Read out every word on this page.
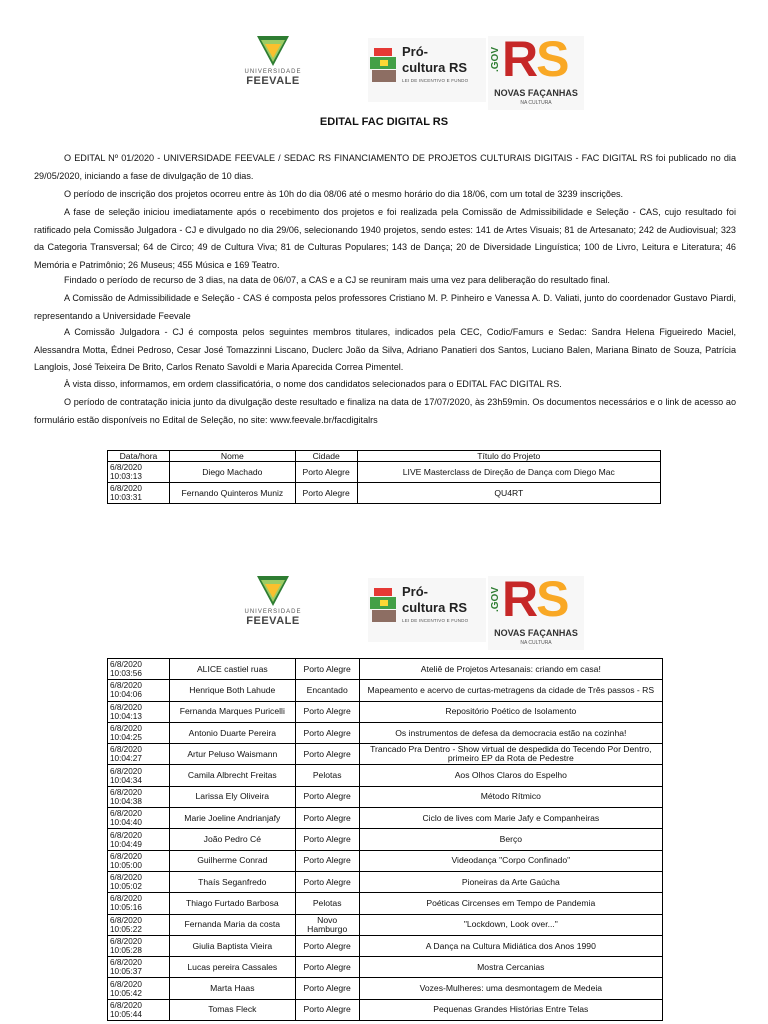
UNIVERSIDADE
FEEVALE
Pró-
cultura RS
LEI DE INCENTIVO E FUNDO
.GOV RS
NOVAS FAÇANHAS
NA CULTURA
EDITAL FAC DIGITAL RS

O EDITAL Nº 01/2020 - UNIVERSIDADE FEEVALE / SEDAC RS FINANCIAMENTO DE PROJETOS CULTURAIS DIGITAIS - FAC DIGITAL RS foi publicado no dia 29/05/2020, iniciando a fase de divulgação de 10 dias.

O período de inscrição dos projetos ocorreu entre às 10h do dia 08/06 até o mesmo horário do dia 18/06, com um total de 3239 inscrições.

A fase de seleção iniciou imediatamente após o recebimento dos projetos e foi realizada pela Comissão de Admissibilidade e Seleção - CAS, cujo resultado foi ratificado pela Comissão Julgadora - CJ e divulgado no dia 29/06, selecionando 1940 projetos, sendo estes: 141 de Artes Visuais; 81 de Artesanato; 242 de Audiovisual; 323 da Categoria Transversal; 64 de Circo; 49 de Cultura Viva; 81 de Culturas Populares; 143 de Dança; 20 de Diversidade Linguística; 100 de Livro, Leitura e Literatura; 46 Memória e Patrimônio; 26 Museus; 455 Música e 169 Teatro.

Findado o período de recurso de 3 dias, na data de 06/07, a CAS e a CJ se reuniram mais uma vez para deliberação do resultado final.

A Comissão de Admissibilidade e Seleção - CAS é composta pelos professores Cristiano M. P. Pinheiro e Vanessa A. D. Valiati, junto do coordenador Gustavo Piardi, representando a Universidade Feevale

A Comissão Julgadora - CJ é composta pelos seguintes membros titulares, indicados pela CEC, Codic/Famurs e Sedac: Sandra Helena Figueiredo Maciel, Alessandra Motta, Édnei Pedroso, Cesar José Tomazzinni Liscano, Duclerc João da Silva, Adriano Panatieri dos Santos, Luciano Balen, Mariana Binato de Souza, Patrícia Langlois, José Teixeira De Brito, Carlos Renato Savoldi e Maria Aparecida Correa Pimentel.

À vista disso, informamos, em ordem classificatória, o nome dos candidatos selecionados para o EDITAL FAC DIGITAL RS.

O período de contratação inicia junto da divulgação deste resultado e finaliza na data de 17/07/2020, às 23h59min. Os documentos necessários e o link de acesso ao formulário estão disponíveis no Edital de Seleção, no site: www.feevale.br/facdigitalrs

Data/hora	Nome	Cidade	Título do Projeto
6/8/2020 10:03:13	Diego Machado	Porto Alegre	LIVE Masterclass de Direção de Dança com Diego Mac
6/8/2020 10:03:31	Fernando Quinteros Muniz	Porto Alegre	QU4RT
UNIVERSIDADE
FEEVALE
Pró-
cultura RS
LEI DE INCENTIVO E FUNDO
.GOV RS
NOVAS FAÇANHAS
NA CULTURA
6/8/2020 10:03:56	ALICE castiel ruas	Porto Alegre	Ateliê de Projetos Artesanais: criando em casa!
6/8/2020 10:04:06	Henrique Both Lahude	Encantado	Mapeamento e acervo de curtas-metragens da cidade de Três passos - RS
6/8/2020 10:04:13	Fernanda Marques Puricelli	Porto Alegre	Repositório Poético de Isolamento
6/8/2020 10:04:25	Antonio Duarte Pereira	Porto Alegre	Os instrumentos de defesa da democracia estão na cozinha!
6/8/2020 10:04:27	Artur Peluso Waismann	Porto Alegre	Trancado Pra Dentro - Show virtual de despedida do Tecendo Por Dentro, primeiro EP da Rota de Pedestre
6/8/2020 10:04:34	Camila Albrecht Freitas	Pelotas	Aos Olhos Claros do Espelho
6/8/2020 10:04:38	Larissa Ely Oliveira	Porto Alegre	Método Rítmico
6/8/2020 10:04:40	Marie Joeline Andrianjafy	Porto Alegre	Ciclo de lives com Marie Jafy e Companheiras
6/8/2020 10:04:49	João Pedro Cé	Porto Alegre	Berço
6/8/2020 10:05:00	Guilherme Conrad	Porto Alegre	Videodança "Corpo Confinado"
6/8/2020 10:05:02	Thaís Seganfredo	Porto Alegre	Pioneiras da Arte Gaúcha
6/8/2020 10:05:16	Thiago Furtado Barbosa	Pelotas	Poéticas Circenses em Tempo de Pandemia
6/8/2020 10:05:22	Fernanda Maria da costa	Novo Hamburgo	"Lockdown, Look over..."
6/8/2020 10:05:28	Giulia Baptista Vieira	Porto Alegre	A Dança na Cultura Midiática dos Anos 1990
6/8/2020 10:05:37	Lucas pereira Cassales	Porto Alegre	Mostra Cercanias
6/8/2020 10:05:42	Marta Haas	Porto Alegre	Vozes-Mulheres: uma desmontagem de Medeia
6/8/2020 10:05:44	Tomas Fleck	Porto Alegre	Pequenas Grandes Histórias Entre Telas
